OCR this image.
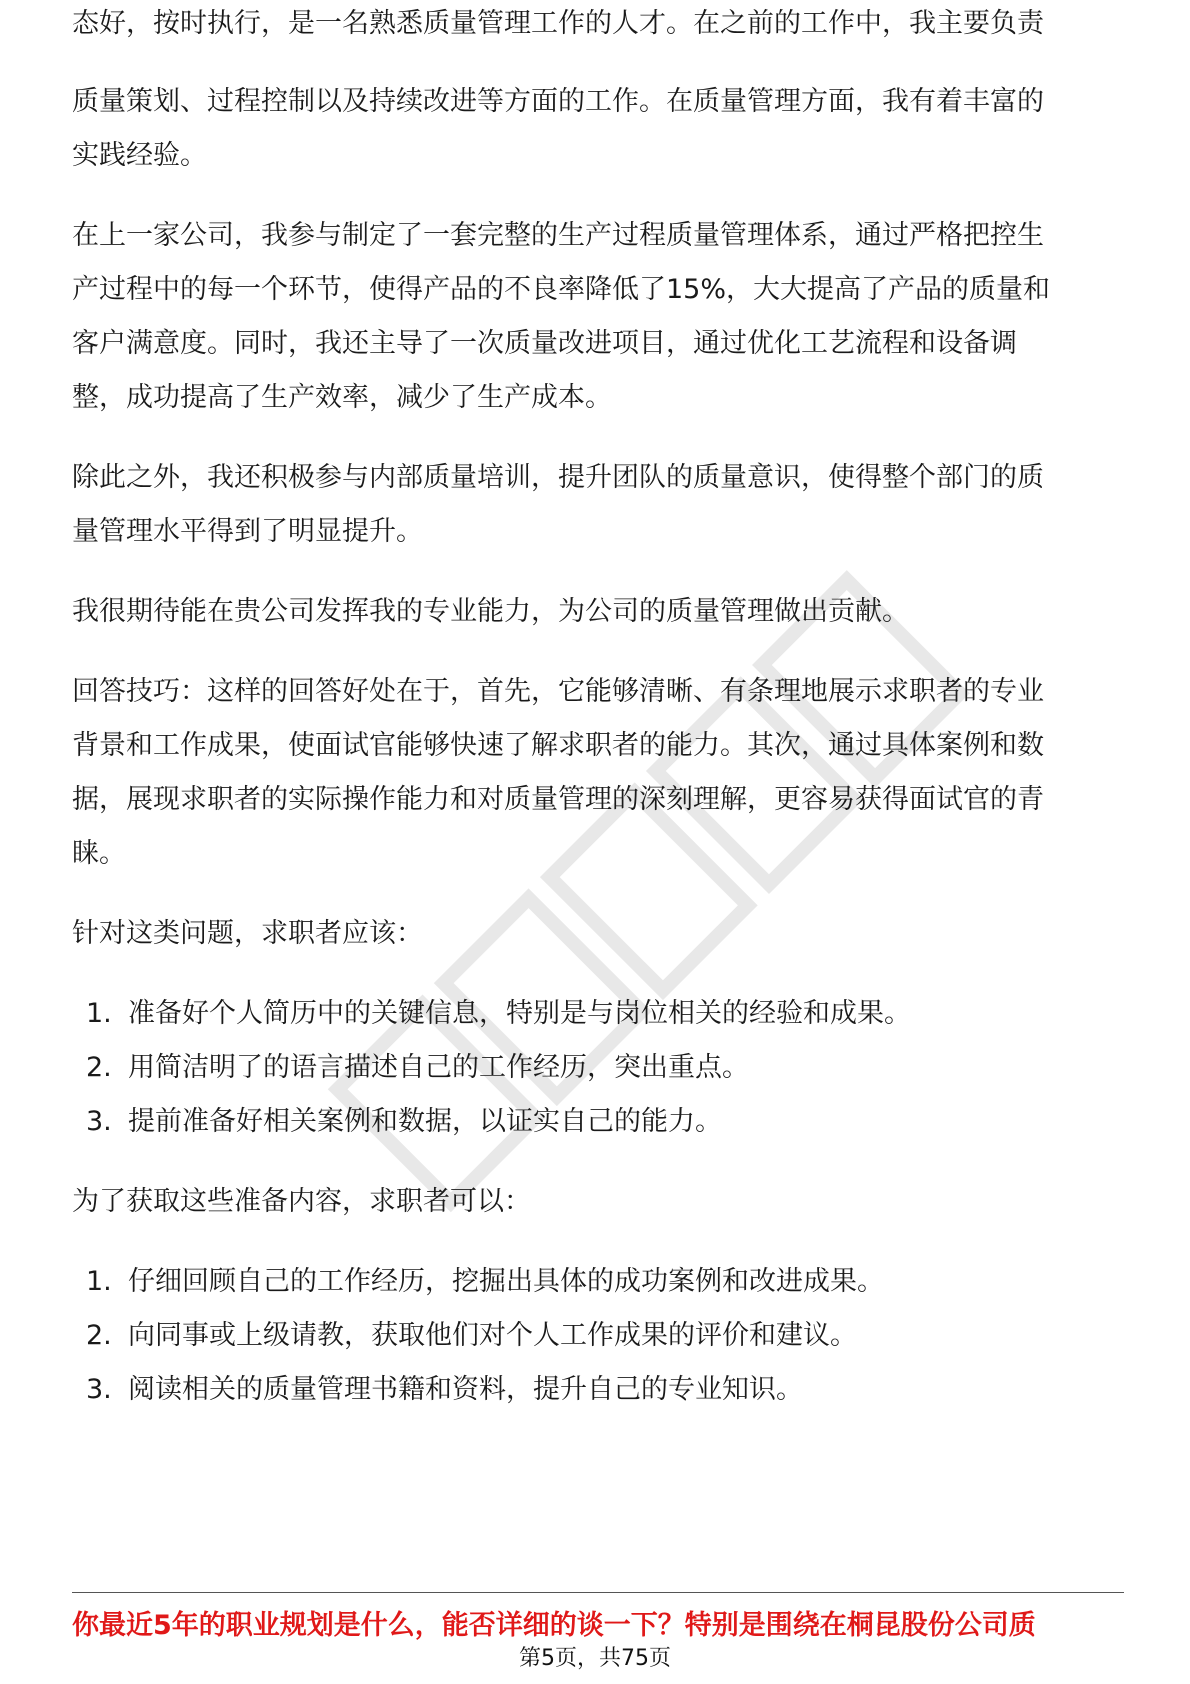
态好，按时执行，是一名熟悉质量管理工作的人才。在之前的工作中，我主要负责
质量策划、过程控制以及持续改进等方面的工作。在质量管理方面，我有着丰富的
实践经验。
在上一家公司，我参与制定了一套完整的生产过程质量管理体系，通过严格把控生
产过程中的每一个环节，使得产品的不良率降低了15%，大大提高了产品的质量和
客户满意度。同时，我还主导了一次质量改进项目，通过优化工艺流程和设备调
整，成功提高了生产效率，减少了生产成本。
除此之外，我还积极参与内部质量培训，提升团队的质量意识，使得整个部门的质
量管理水平得到了明显提升。
我很期待能在贵公司发挥我的专业能力，为公司的质量管理做出贡献。
回答技巧：这样的回答好处在于，首先，它能够清晰、有条理地展示求职者的专业
背景和工作成果，使面试官能够快速了解求职者的能力。其次，通过具体案例和数
据，展现求职者的实际操作能力和对质量管理的深刻理解，更容易获得面试官的青
睐。
针对这类问题，求职者应该：
1. 准备好个人简历中的关键信息，特别是与岗位相关的经验和成果。
2. 用简洁明了的语言描述自己的工作经历，突出重点。
3. 提前准备好相关案例和数据，以证实自己的能力。
为了获取这些准备内容，求职者可以：
1. 仔细回顾自己的工作经历，挖掘出具体的成功案例和改进成果。
2. 向同事或上级请教，获取他们对个人工作成果的评价和建议。
3. 阅读相关的质量管理书籍和资料，提升自己的专业知识。
你最近5年的职业规划是什么，能否详细的谈一下？特别是围绕在桐昆股份公司质
第5页，共75页
